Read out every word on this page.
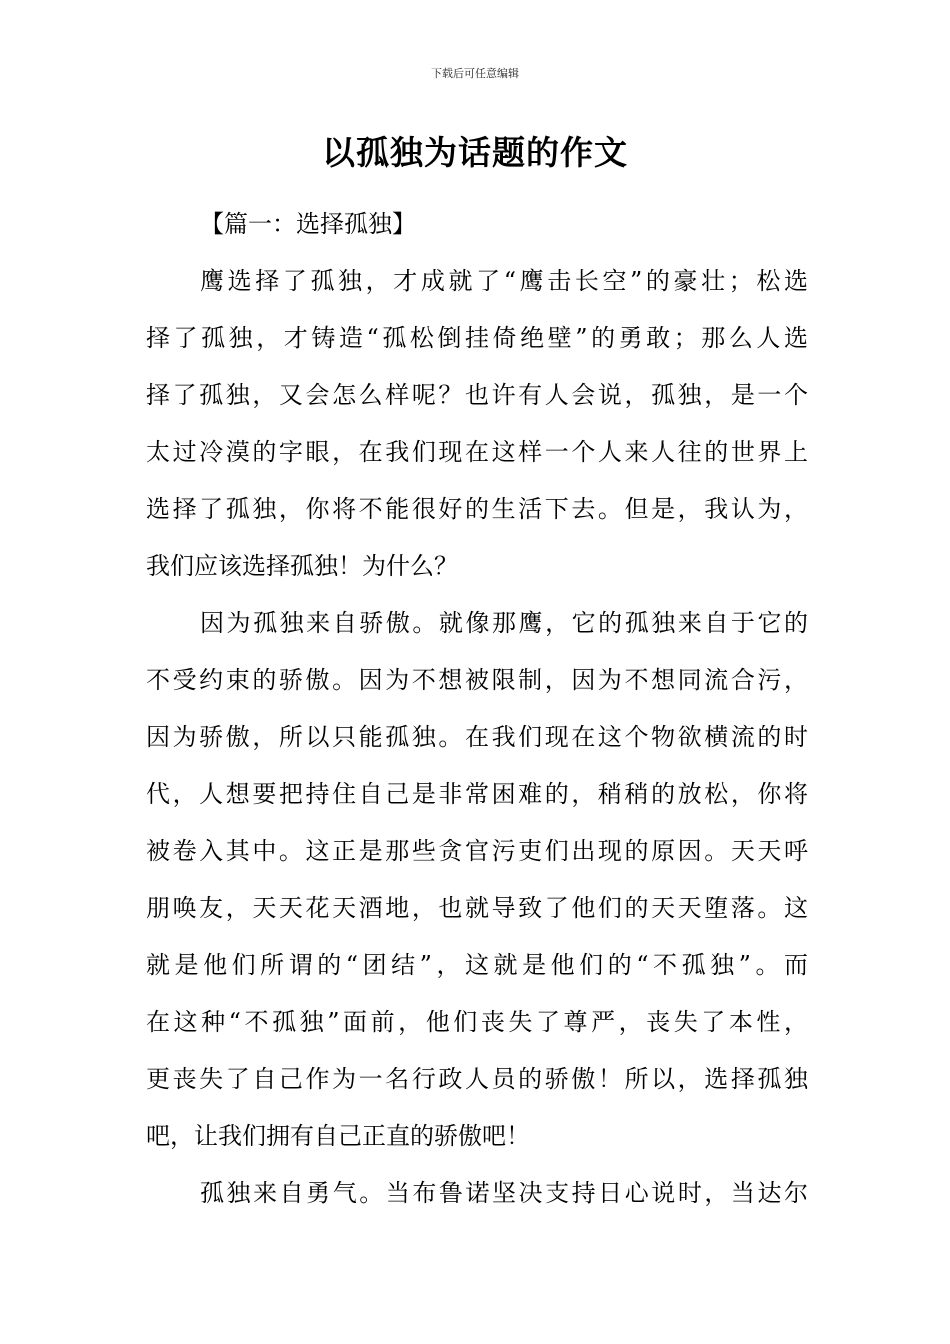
下载后可任意编辑
以孤独为话题的作文
【篇一：选择孤独】
鹰选择了孤独，才成就了“鹰击长空”的豪壮；松选
择了孤独，才铸造“孤松倒挂倚绝壁”的勇敢；那么人选
择了孤独，又会怎么样呢？也许有人会说，孤独，是一个
太过冷漠的字眼，在我们现在这样一个人来人往的世界上
选择了孤独，你将不能很好的生活下去。但是，我认为，
我们应该选择孤独！为什么？
因为孤独来自骄傲。就像那鹰，它的孤独来自于它的
不受约束的骄傲。因为不想被限制，因为不想同流合污，
因为骄傲，所以只能孤独。在我们现在这个物欲横流的时
代，人想要把持住自己是非常困难的，稍稍的放松，你将
被卷入其中。这正是那些贪官污吏们出现的原因。天天呼
朋唤友，天天花天酒地，也就导致了他们的天天堕落。这
就是他们所谓的“团结”，这就是他们的“不孤独”。而
在这种“不孤独”面前，他们丧失了尊严，丧失了本性，
更丧失了自己作为一名行政人员的骄傲！所以，选择孤独
吧，让我们拥有自己正直的骄傲吧！
孤独来自勇气。当布鲁诺坚决支持日心说时，当达尔
